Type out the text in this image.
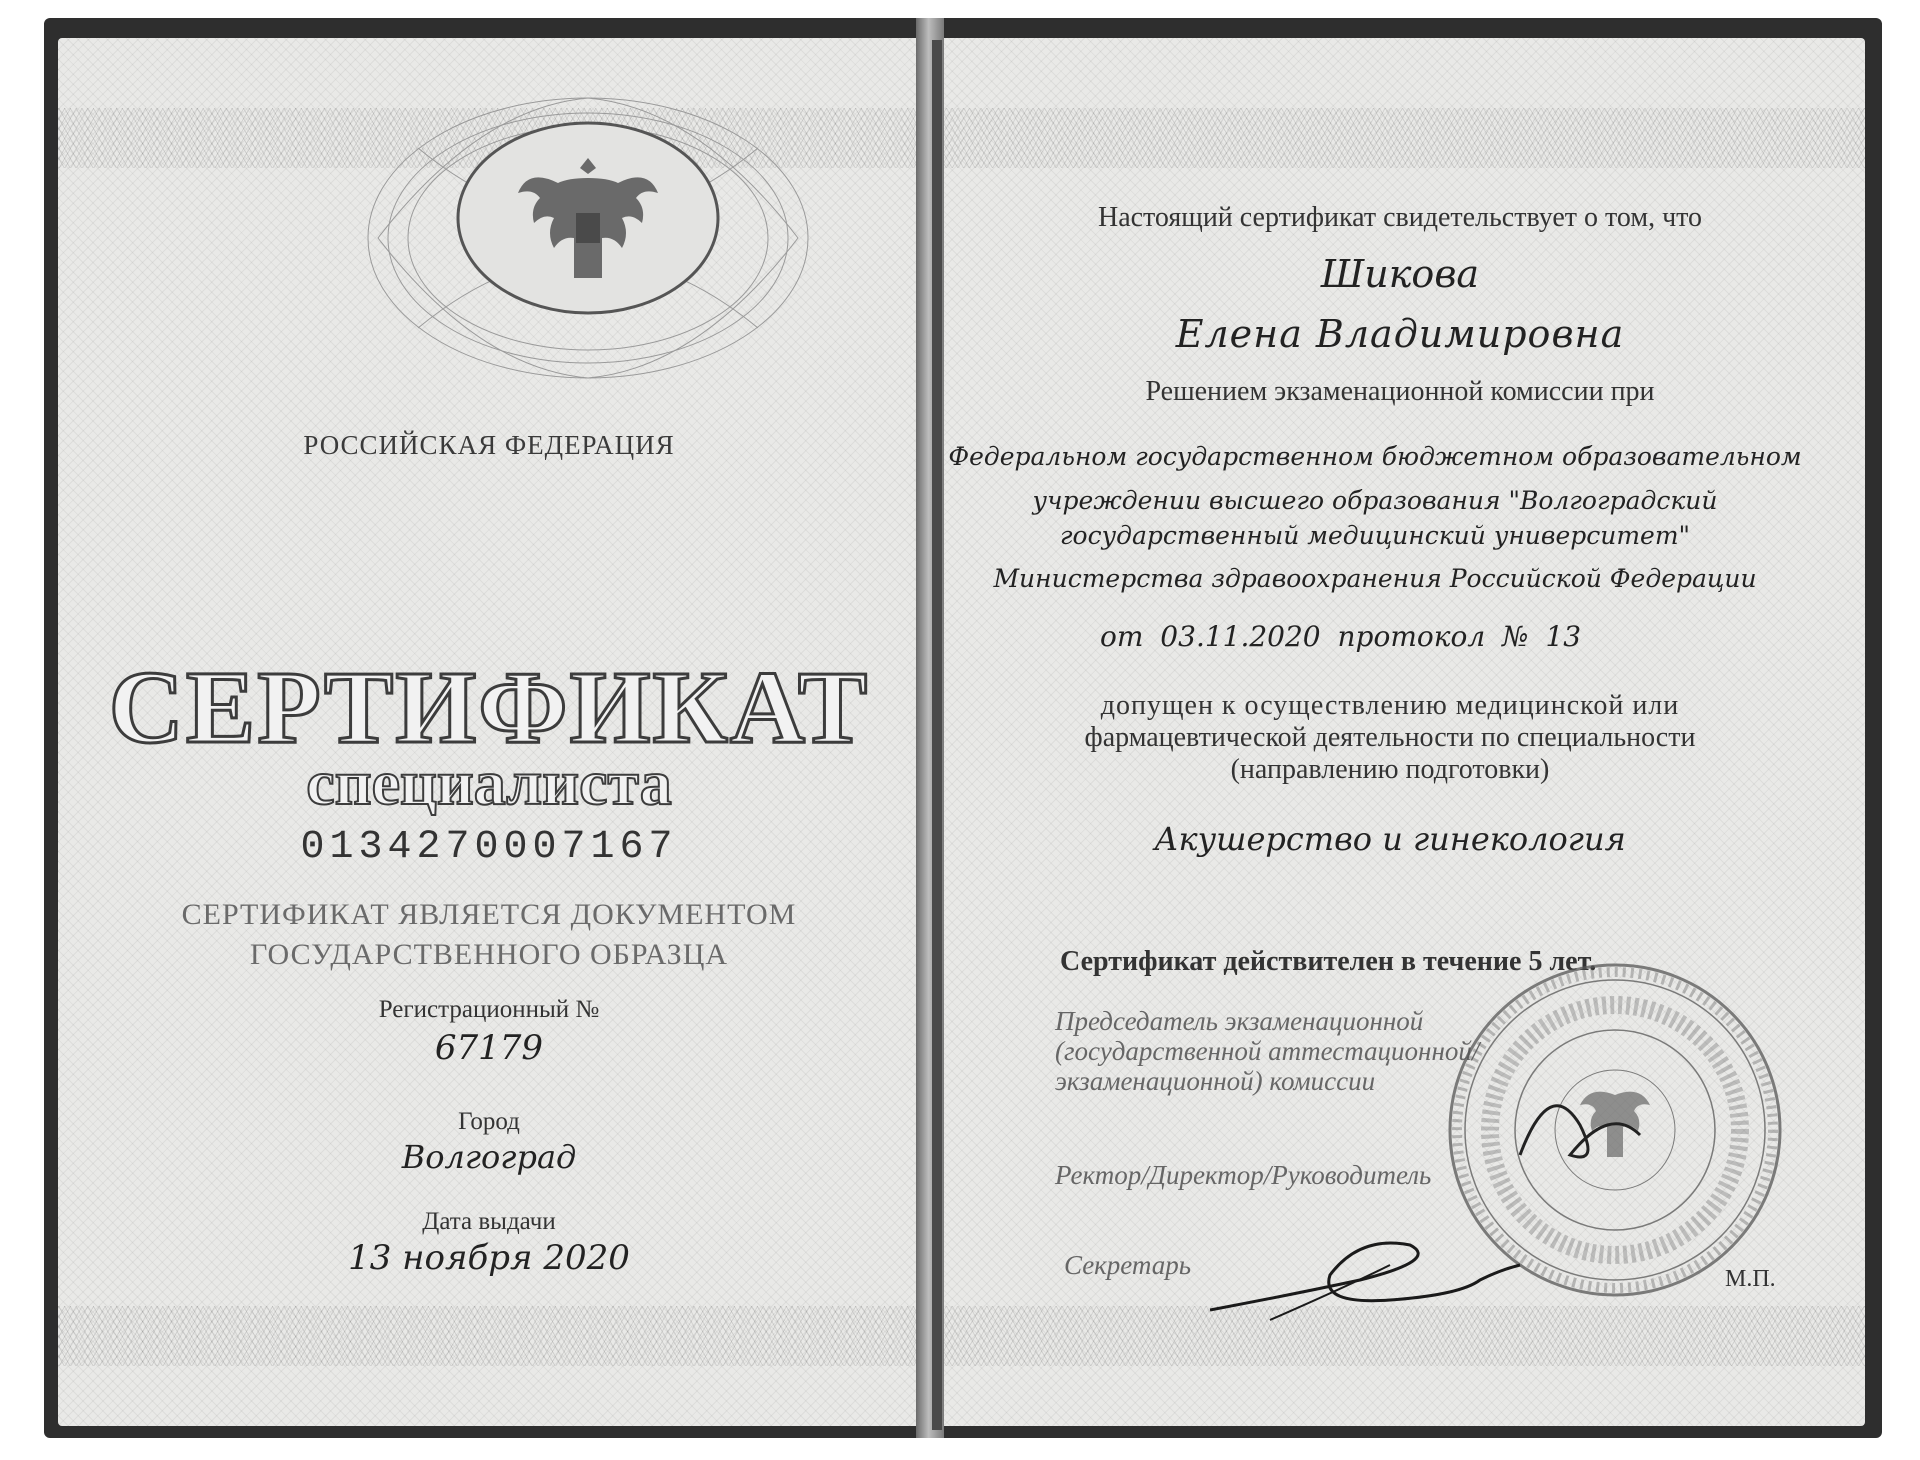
РОССИЙСКАЯ ФЕДЕРАЦИЯ
СЕРТИФИКАТ
специалиста
0134270007167
СЕРТИФИКАТ ЯВЛЯЕТСЯ ДОКУМЕНТОМ
ГОСУДАРСТВЕННОГО ОБРАЗЦА
Регистрационный №
67179
Город
Волгоград
Дата выдачи
13 ноября 2020
Настоящий сертификат свидетельствует о том, что
Шикова
Елена Владимировна
Решением экзаменационной комиссии при
Федеральном государственном бюджетном образовательном
учреждении высшего образования "Волгоградский
государственный медицинский университет"
Министерства здравоохранения Российской Федерации
от 03.11.2020 протокол № 13
допущен к осуществлению медицинской или
фармацевтической деятельности по специальности
(направлению подготовки)
Акушерство и гинекология
Сертификат действителен в течение 5 лет.
Председатель экзаменационной
(государственной аттестационной/
экзаменационной) комиссии
Ректор/Директор/Руководитель
Секретарь	М.П.
